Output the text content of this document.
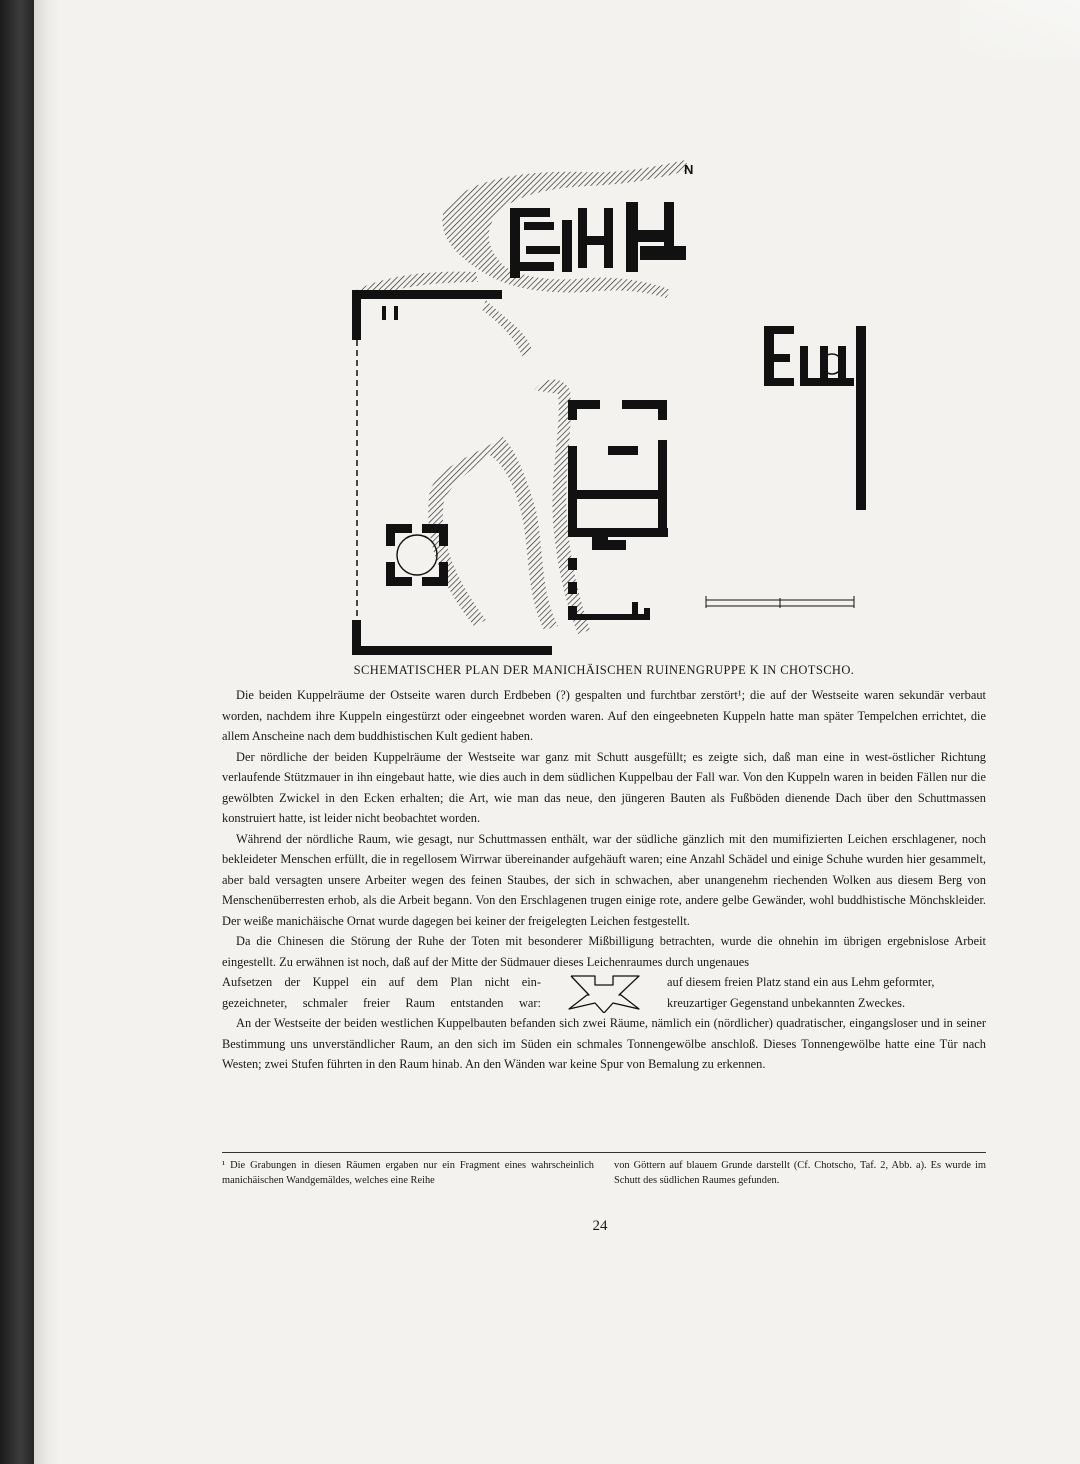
N
SCHEMATISCHER PLAN DER MANICHÄISCHEN RUINENGRUPPE K IN CHOTSCHO.

Die beiden Kuppelräume der Ostseite waren durch Erdbeben (?) gespalten und furchtbar zerstört¹; die auf der Westseite waren sekundär verbaut worden, nachdem ihre Kuppeln eingestürzt oder eingeebnet worden waren. Auf den eingeebneten Kuppeln hatte man später Tempelchen errichtet, die allem Anscheine nach dem buddhistischen Kult gedient haben.

Der nördliche der beiden Kuppelräume der Westseite war ganz mit Schutt ausgefüllt; es zeigte sich, daß man eine in west-östlicher Richtung verlaufende Stützmauer in ihn eingebaut hatte, wie dies auch in dem südlichen Kuppelbau der Fall war. Von den Kuppeln waren in beiden Fällen nur die gewölbten Zwickel in den Ecken erhalten; die Art, wie man das neue, den jüngeren Bauten als Fußböden dienende Dach über den Schuttmassen konstruiert hatte, ist leider nicht beobachtet worden.

Während der nördliche Raum, wie gesagt, nur Schuttmassen enthält, war der südliche gänzlich mit den mumifizierten Leichen erschlagener, noch bekleideter Menschen erfüllt, die in regellosem Wirrwar übereinander aufgehäuft waren; eine Anzahl Schädel und einige Schuhe wurden hier gesammelt, aber bald versagten unsere Arbeiter wegen des feinen Staubes, der sich in schwachen, aber unangenehm riechenden Wolken aus diesem Berg von Menschenüberresten erhob, als die Arbeit begann. Von den Erschlagenen trugen einige rote, andere gelbe Gewänder, wohl buddhistische Mönchskleider. Der weiße manichäische Ornat wurde dagegen bei keiner der freigelegten Leichen festgestellt.

Da die Chinesen die Störung der Ruhe der Toten mit besonderer Mißbilligung betrachten, wurde die ohnehin im übrigen ergebnislose Arbeit eingestellt. Zu erwähnen ist noch, daß auf der Mitte der Südmauer dieses Leichenraumes durch ungenaues

Aufsetzen der Kuppel ein auf dem Plan nicht ein-
gezeichneter, schmaler freier Raum entstanden war:
auf diesem freien Platz stand ein aus Lehm geformter,
kreuzartiger Gegenstand unbekannten Zweckes.

An der Westseite der beiden westlichen Kuppelbauten befanden sich zwei Räume, nämlich ein (nördlicher) quadratischer, eingangsloser und in seiner Bestimmung uns unverständlicher Raum, an den sich im Süden ein schmales Tonnengewölbe anschloß. Dieses Tonnengewölbe hatte eine Tür nach Westen; zwei Stufen führten in den Raum hinab. An den Wänden war keine Spur von Bemalung zu erkennen.

¹ Die Grabungen in diesen Räumen ergaben nur ein Fragment eines wahrscheinlich manichäischen Wandgemäldes, welches eine Reihe
von Göttern auf blauem Grunde darstellt (Cf. Chotscho, Taf. 2, Abb. a). Es wurde im Schutt des südlichen Raumes gefunden.
24
